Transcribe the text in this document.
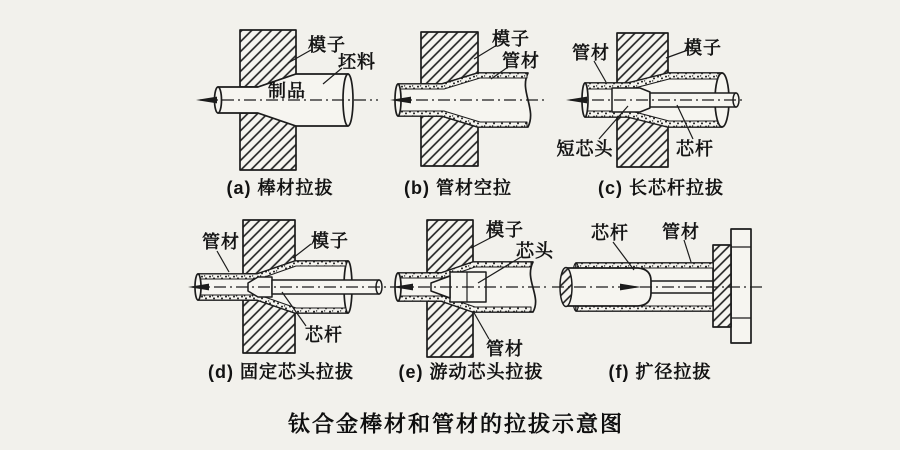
模子
坯料
制品
模子
管材 管材	模子
短芯头	芯杆
管材	模子
芯杆
模子
芯头
管材
芯杆 管材
(a) 棒材拉拔	(b) 管材空拉	(c) 长芯杆拉拔
(d) 固定芯头拉拔 (e) 游动芯头拉拔	(f) 扩径拉拔
钛合金棒材和管材的拉拔示意图
